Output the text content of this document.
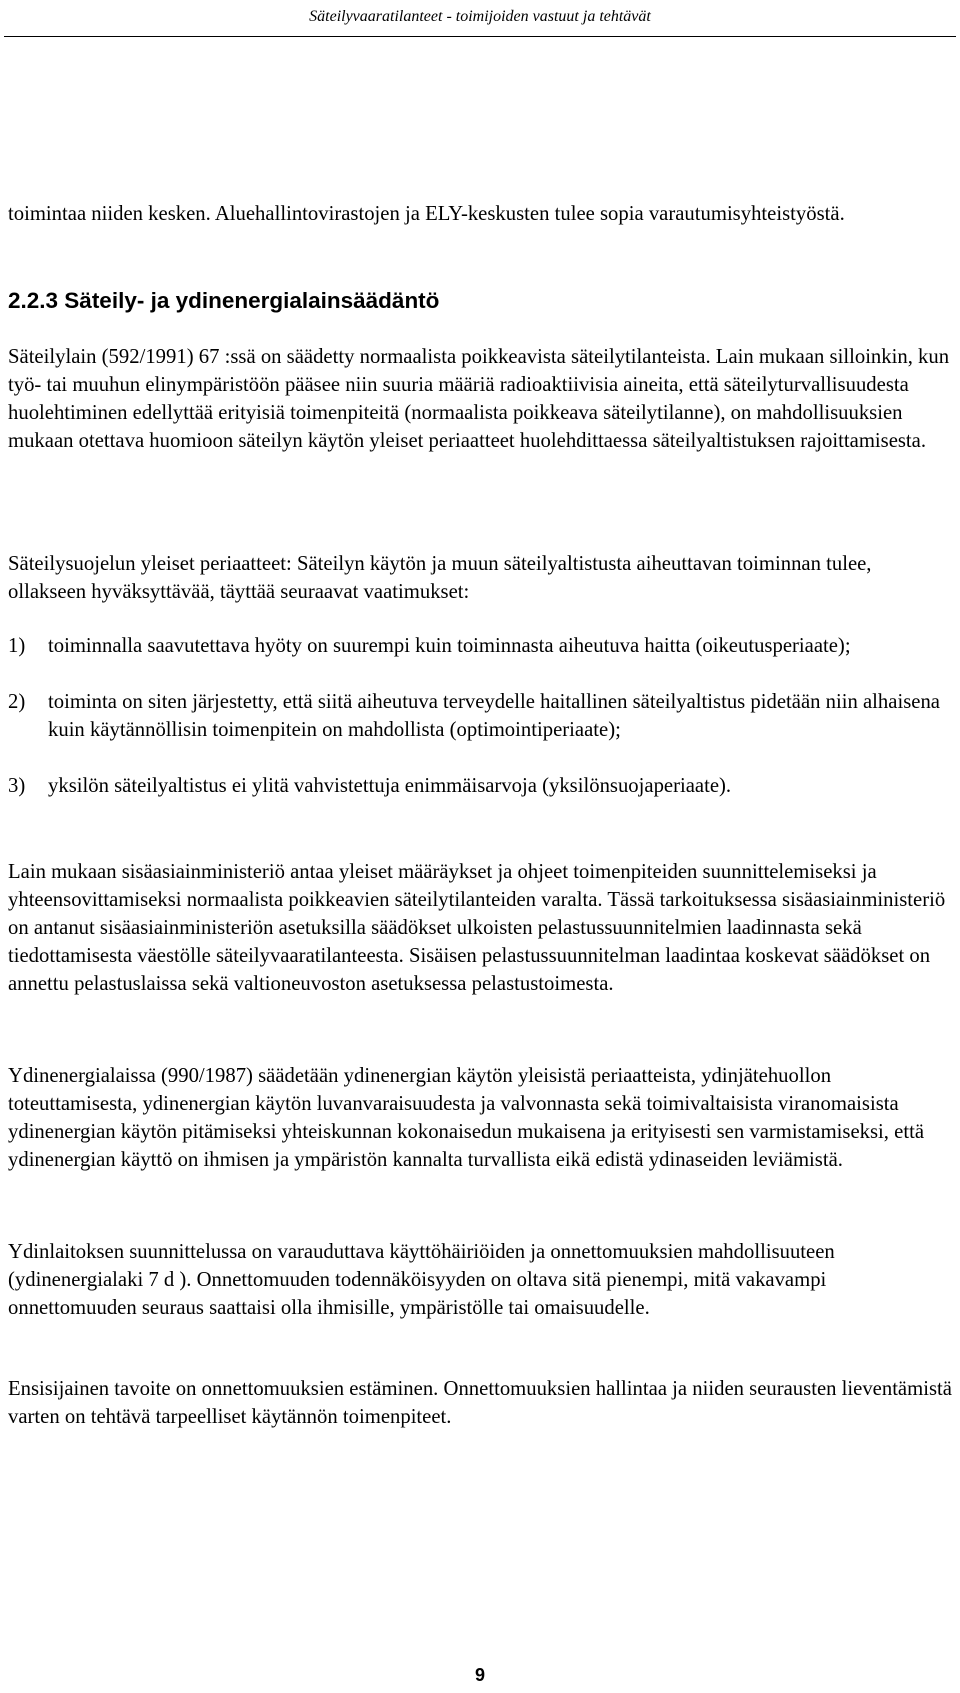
Säteilyvaaratilanteet - toimijoiden vastuut ja tehtävät

toimintaa niiden kesken. Aluehallintovirastojen ja ELY-keskusten tulee sopia varautumisyhteistyöstä.

2.2.3 Säteily- ja ydinenergialainsäädäntö

Säteilylain (592/1991) 67 :ssä on säädetty normaalista poikkeavista säteilytilanteista. Lain mukaan silloinkin, kun työ- tai muuhun elinympäristöön pääsee niin suuria määriä radioaktiivisia aineita, että säteilyturvallisuudesta huolehtiminen edellyttää erityisiä toimenpiteitä (normaalista poikkeava säteilytilanne), on mahdollisuuksien mukaan otettava huomioon säteilyn käytön yleiset periaatteet huolehdittaessa säteilyaltistuksen rajoittamisesta.

Säteilysuojelun yleiset periaatteet: Säteilyn käytön ja muun säteilyaltistusta aiheuttavan toiminnan tulee, ollakseen hyväksyttävää, täyttää seuraavat vaatimukset:

1) toiminnalla saavutettava hyöty on suurempi kuin toiminnasta aiheutuva haitta (oikeutusperiaate);
2) toiminta on siten järjestetty, että siitä aiheutuva terveydelle haitallinen säteilyaltistus pidetään niin alhaisena kuin käytännöllisin toimenpitein on mahdollista (optimointiperiaate);
3) yksilön säteilyaltistus ei ylitä vahvistettuja enimmäisarvoja (yksilönsuojaperiaate).

Lain mukaan sisäasiainministeriö antaa yleiset määräykset ja ohjeet toimenpiteiden suunnittelemiseksi ja yhteensovittamiseksi normaalista poikkeavien säteilytilanteiden varalta. Tässä tarkoituksessa sisäasiainministeriö on antanut sisäasiainministeriön asetuksilla säädökset ulkoisten pelastussuunnitelmien laadinnasta sekä tiedottamisesta väestölle säteilyvaaratilanteesta. Sisäisen pelastussuunnitelman laadintaa koskevat säädökset on annettu pelastuslaissa sekä valtioneuvoston asetuksessa pelastustoimesta.

Ydinenergialaissa (990/1987) säädetään ydinenergian käytön yleisistä periaatteista, ydinjätehuollon toteuttamisesta, ydinenergian käytön luvanvaraisuudesta ja valvonnasta sekä toimivaltaisista viranomaisista ydinenergian käytön pitämiseksi yhteiskunnan kokonaisedun mukaisena ja erityisesti sen varmistamiseksi, että ydinenergian käyttö on ihmisen ja ympäristön kannalta turvallista eikä edistä ydinaseiden leviämistä.

Ydinlaitoksen suunnittelussa on varauduttava käyttöhäiriöiden ja onnettomuuksien mahdollisuuteen (ydinenergialaki 7 d ). Onnettomuuden todennäköisyyden on oltava sitä pienempi, mitä vakavampi onnettomuuden seuraus saattaisi olla ihmisille, ympäristölle tai omaisuudelle.

Ensisijainen tavoite on onnettomuuksien estäminen. Onnettomuuksien hallintaa ja niiden seurausten lieventämistä varten on tehtävä tarpeelliset käytännön toimenpiteet.

9
